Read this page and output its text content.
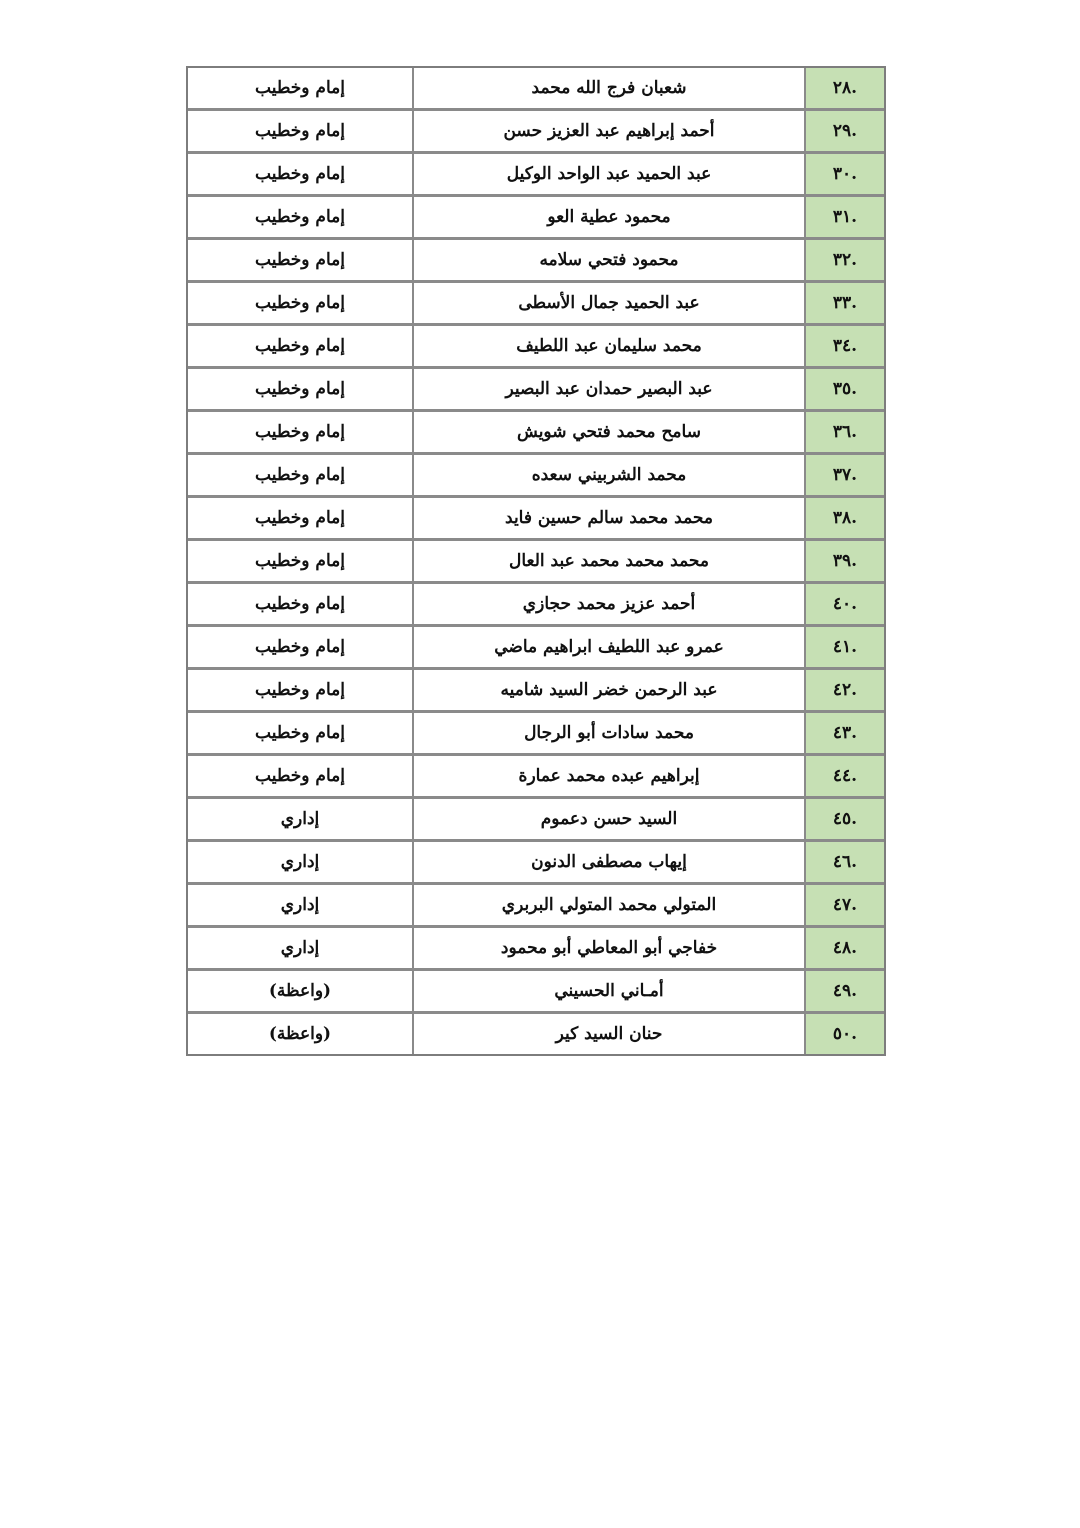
.٢٨	شعبان فرج الله محمد	إمام وخطيب
.٢٩	أحمد إبراهيم عبد العزيز حسن	إمام وخطيب
.٣٠	عبد الحميد عبد الواحد الوكيل	إمام وخطيب
.٣١	محمود عطية العو	إمام وخطيب
.٣٢	محمود فتحي سلامه	إمام وخطيب
.٣٣	عبد الحميد جمال الأسطى	إمام وخطيب
.٣٤	محمد سليمان عبد اللطيف	إمام وخطيب
.٣٥	عبد البصير حمدان عبد البصير	إمام وخطيب
.٣٦	سامح محمد فتحي شويش	إمام وخطيب
.٣٧	محمد الشربيني سعده	إمام وخطيب
.٣٨	محمد محمد سالم حسين فايد	إمام وخطيب
.٣٩	محمد محمد محمد عبد العال	إمام وخطيب
.٤٠	أحمد عزيز محمد حجازي	إمام وخطيب
.٤١	عمرو عبد اللطيف ابراهيم ماضي	إمام وخطيب
.٤٢	عبد الرحمن خضر السيد شاميه	إمام وخطيب
.٤٣	محمد سادات أبو الرجال	إمام وخطيب
.٤٤	إبراهيم عبده محمد عمارة	إمام وخطيب
.٤٥	السيد حسن دعموم	إداري
.٤٦	إيهاب مصطفى الدنون	إداري
.٤٧	المتولي محمد المتولي البربري	إداري
.٤٨	خفاجي أبو المعاطي أبو محمود	إداري
.٤٩	أمـاني الحسيني	(واعظة)
.٥٠	حنان السيد كير	(واعظة)
